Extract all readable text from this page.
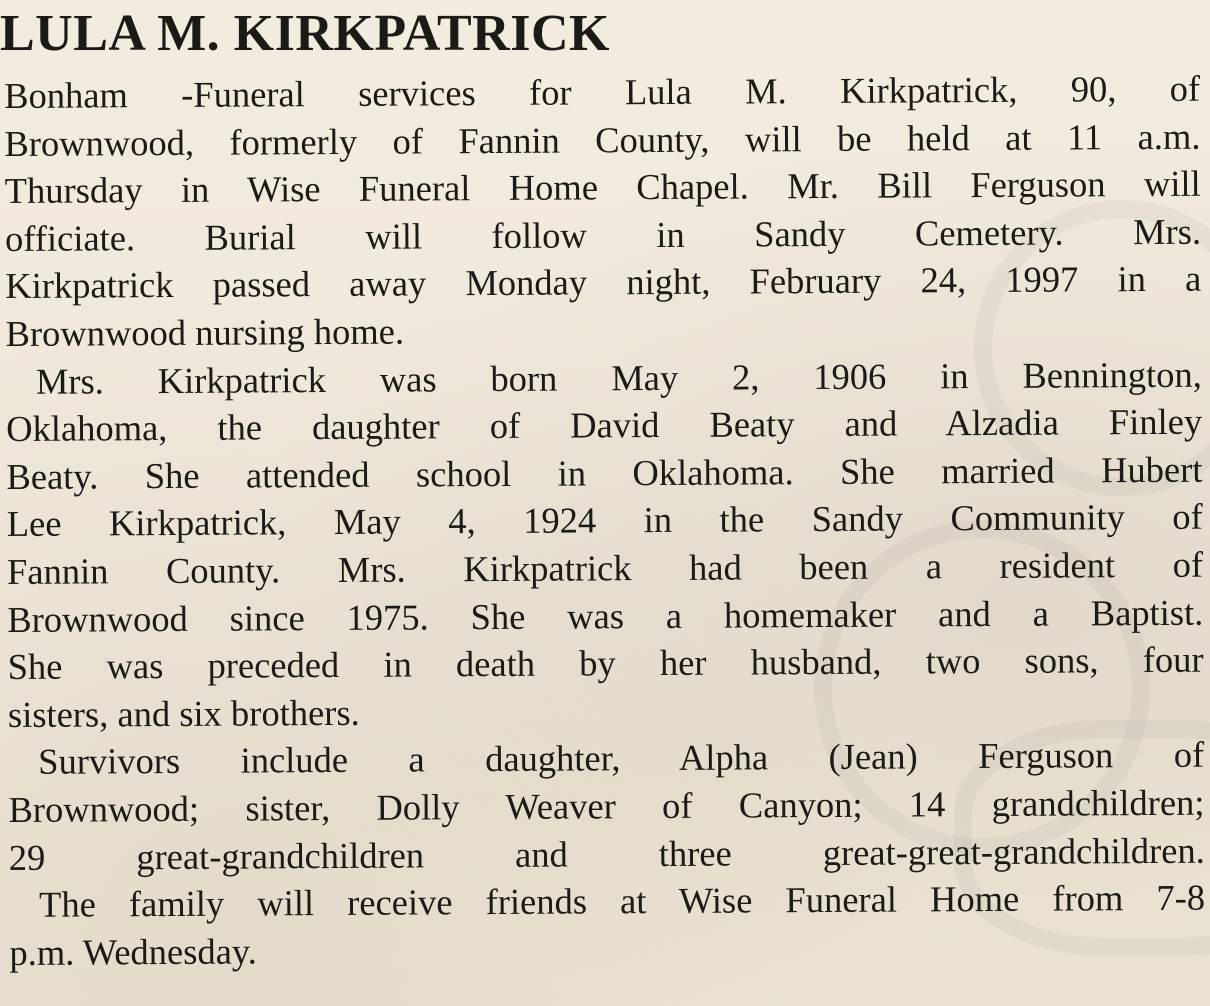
LULA M. KIRKPATRICK
Bonham -Funeral services for Lula M. Kirkpatrick, 90, of
Brownwood, formerly of Fannin County, will be held at 11 a.m.
Thursday in Wise Funeral Home Chapel. Mr. Bill Ferguson will
officiate. Burial will follow in Sandy Cemetery. Mrs.
Kirkpatrick passed away Monday night, February 24, 1997 in a
Brownwood nursing home.
Mrs. Kirkpatrick was born May 2, 1906 in Bennington,
Oklahoma, the daughter of David Beaty and Alzadia Finley
Beaty. She attended school in Oklahoma. She married Hubert
Lee Kirkpatrick, May 4, 1924 in the Sandy Community of
Fannin County. Mrs. Kirkpatrick had been a resident of
Brownwood since 1975. She was a homemaker and a Baptist.
She was preceded in death by her husband, two sons, four
sisters, and six brothers.
Survivors include a daughter, Alpha (Jean) Ferguson of
Brownwood; sister, Dolly Weaver of Canyon; 14 grandchildren;
29 great-grandchildren and three great-great-grandchildren.
The family will receive friends at Wise Funeral Home from 7-8
p.m. Wednesday.
